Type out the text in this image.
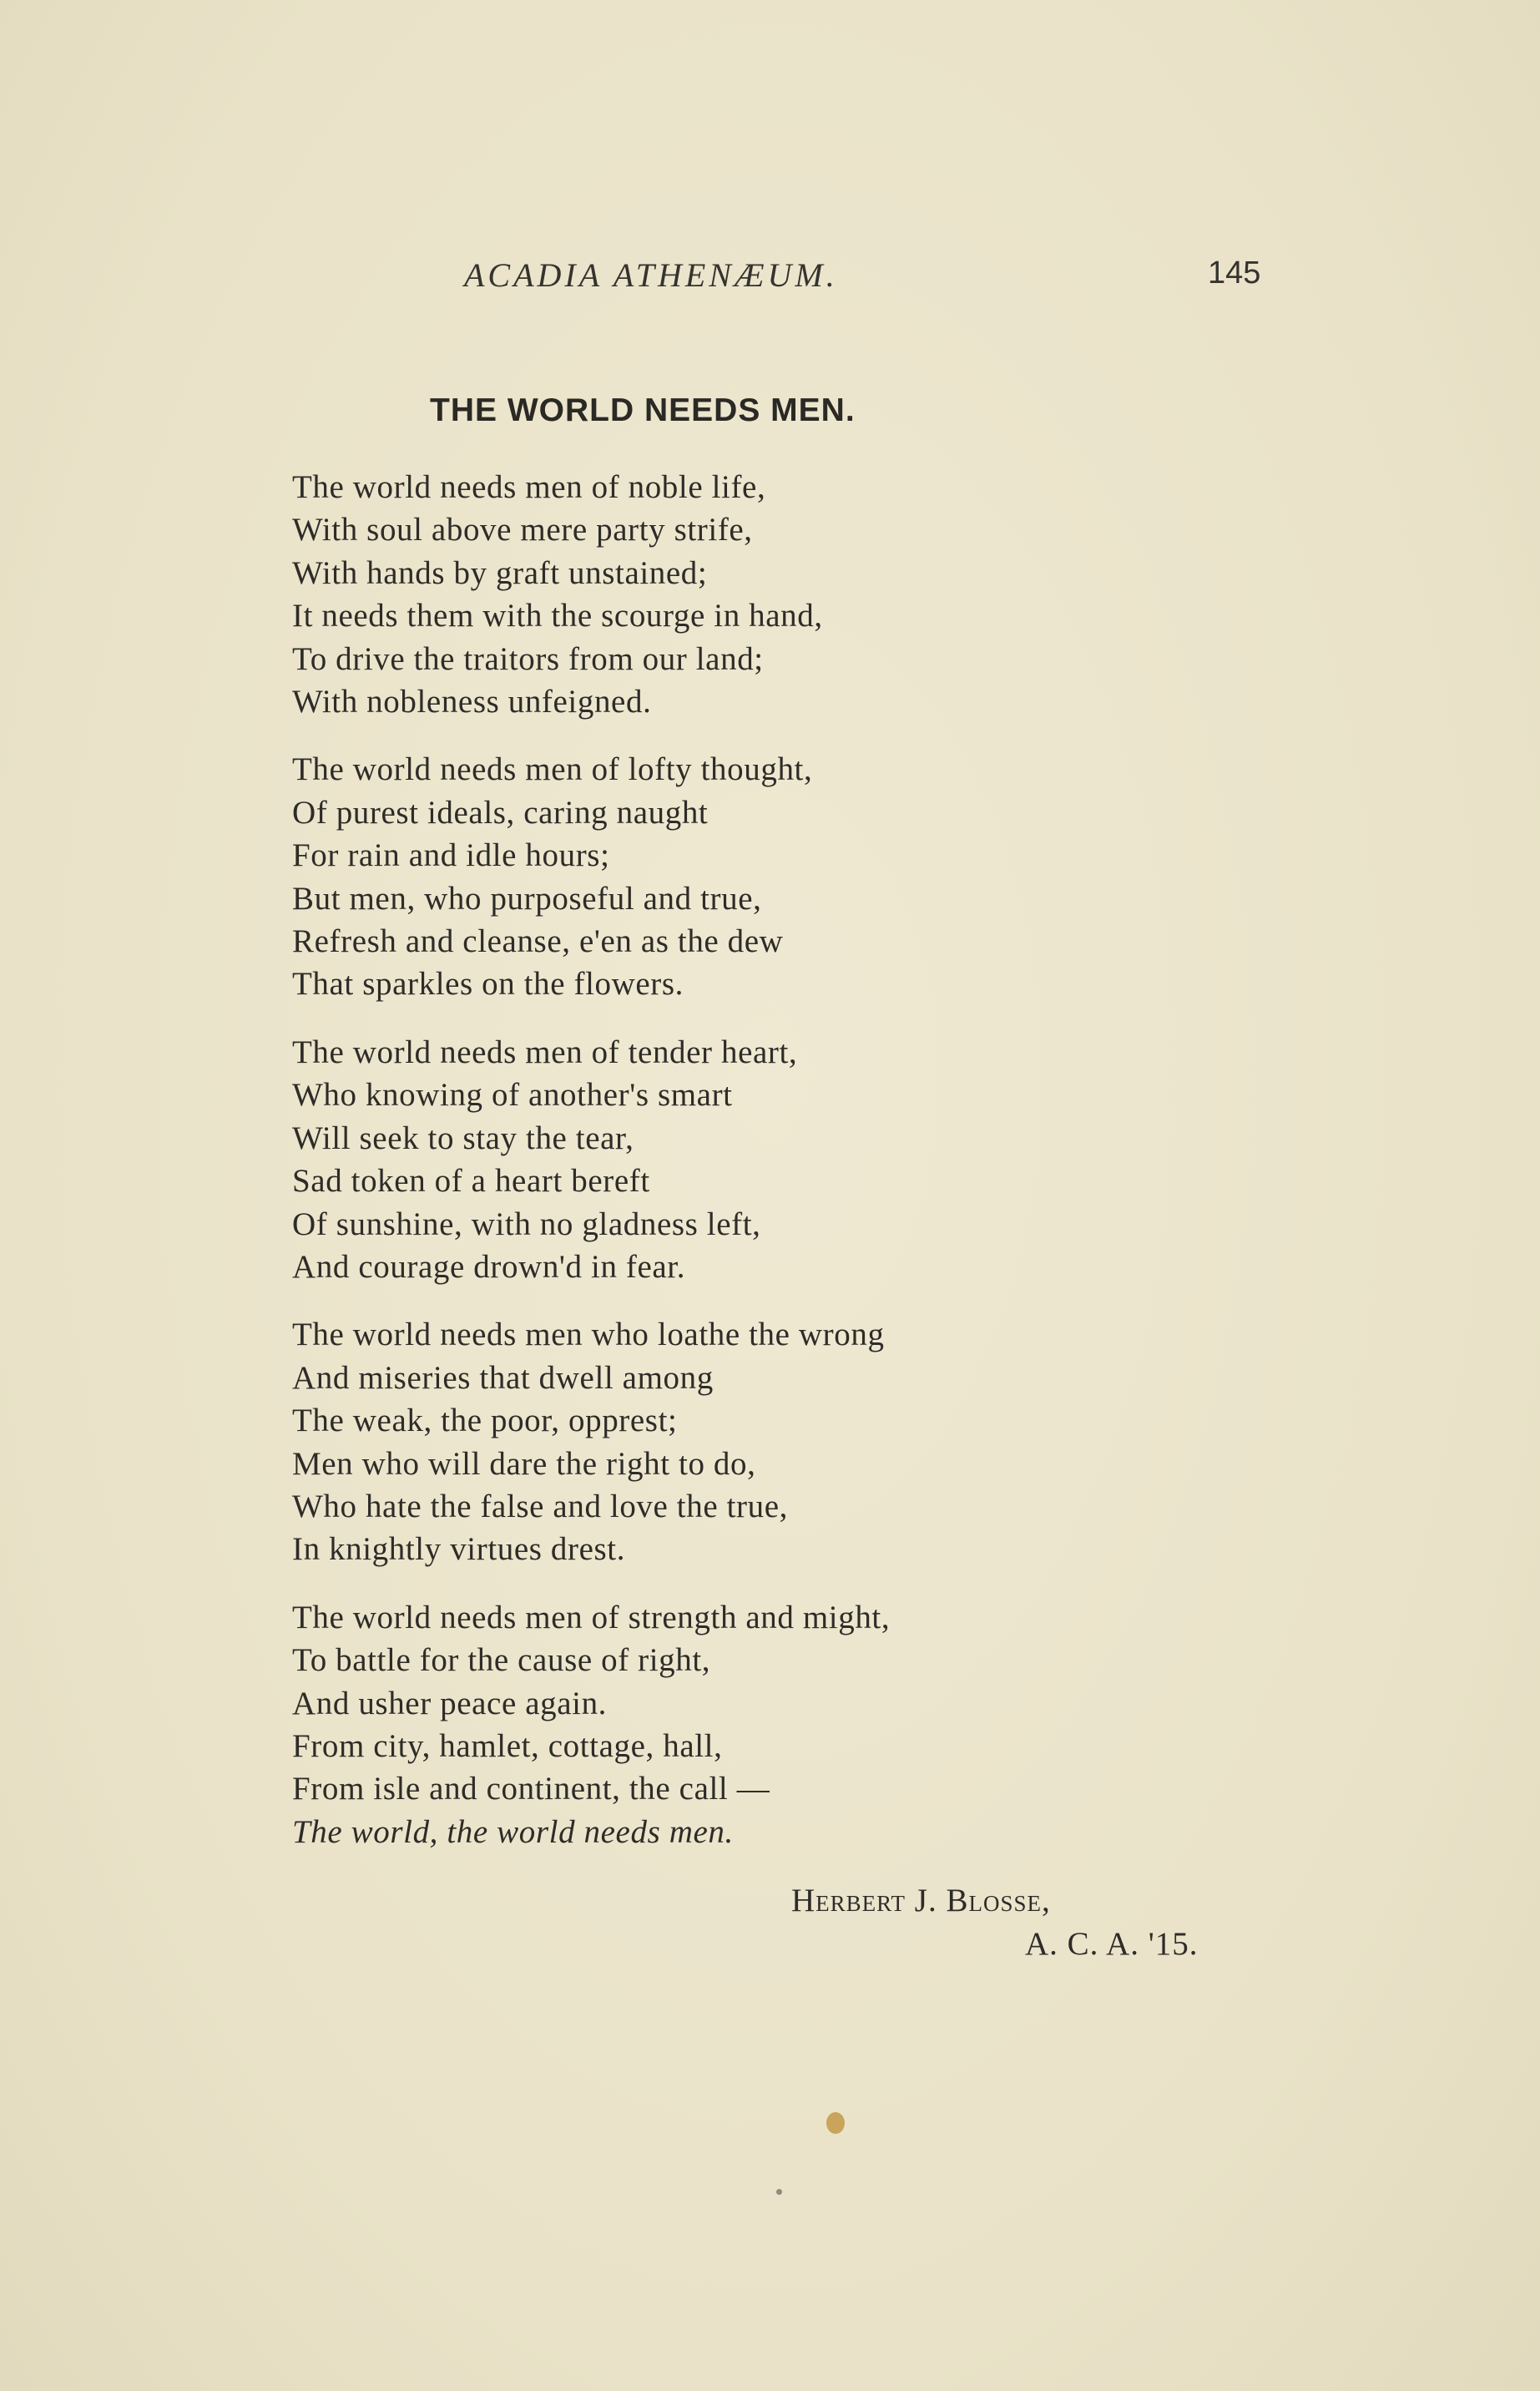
ACADIA ATHENÆUM.	145
THE WORLD NEEDS MEN.
The world needs men of noble life,
With soul above mere party strife,
With hands by graft unstained;
It needs them with the scourge in hand,
To drive the traitors from our land;
With nobleness unfeigned.
The world needs men of lofty thought,
Of purest ideals, caring naught
For rain and idle hours;
But men, who purposeful and true,
Refresh and cleanse, e'en as the dew
That sparkles on the flowers.
The world needs men of tender heart,
Who knowing of another's smart
Will seek to stay the tear,
Sad token of a heart bereft
Of sunshine, with no gladness left,
And courage drown'd in fear.
The world needs men who loathe the wrong
And miseries that dwell among
The weak, the poor, opprest;
Men who will dare the right to do,
Who hate the false and love the true,
In knightly virtues drest.
The world needs men of strength and might,
To battle for the cause of right,
And usher peace again.
From city, hamlet, cottage, hall,
From isle and continent, the call —
The world, the world needs men.
Herbert J. Blosse,
A. C. A. '15.
